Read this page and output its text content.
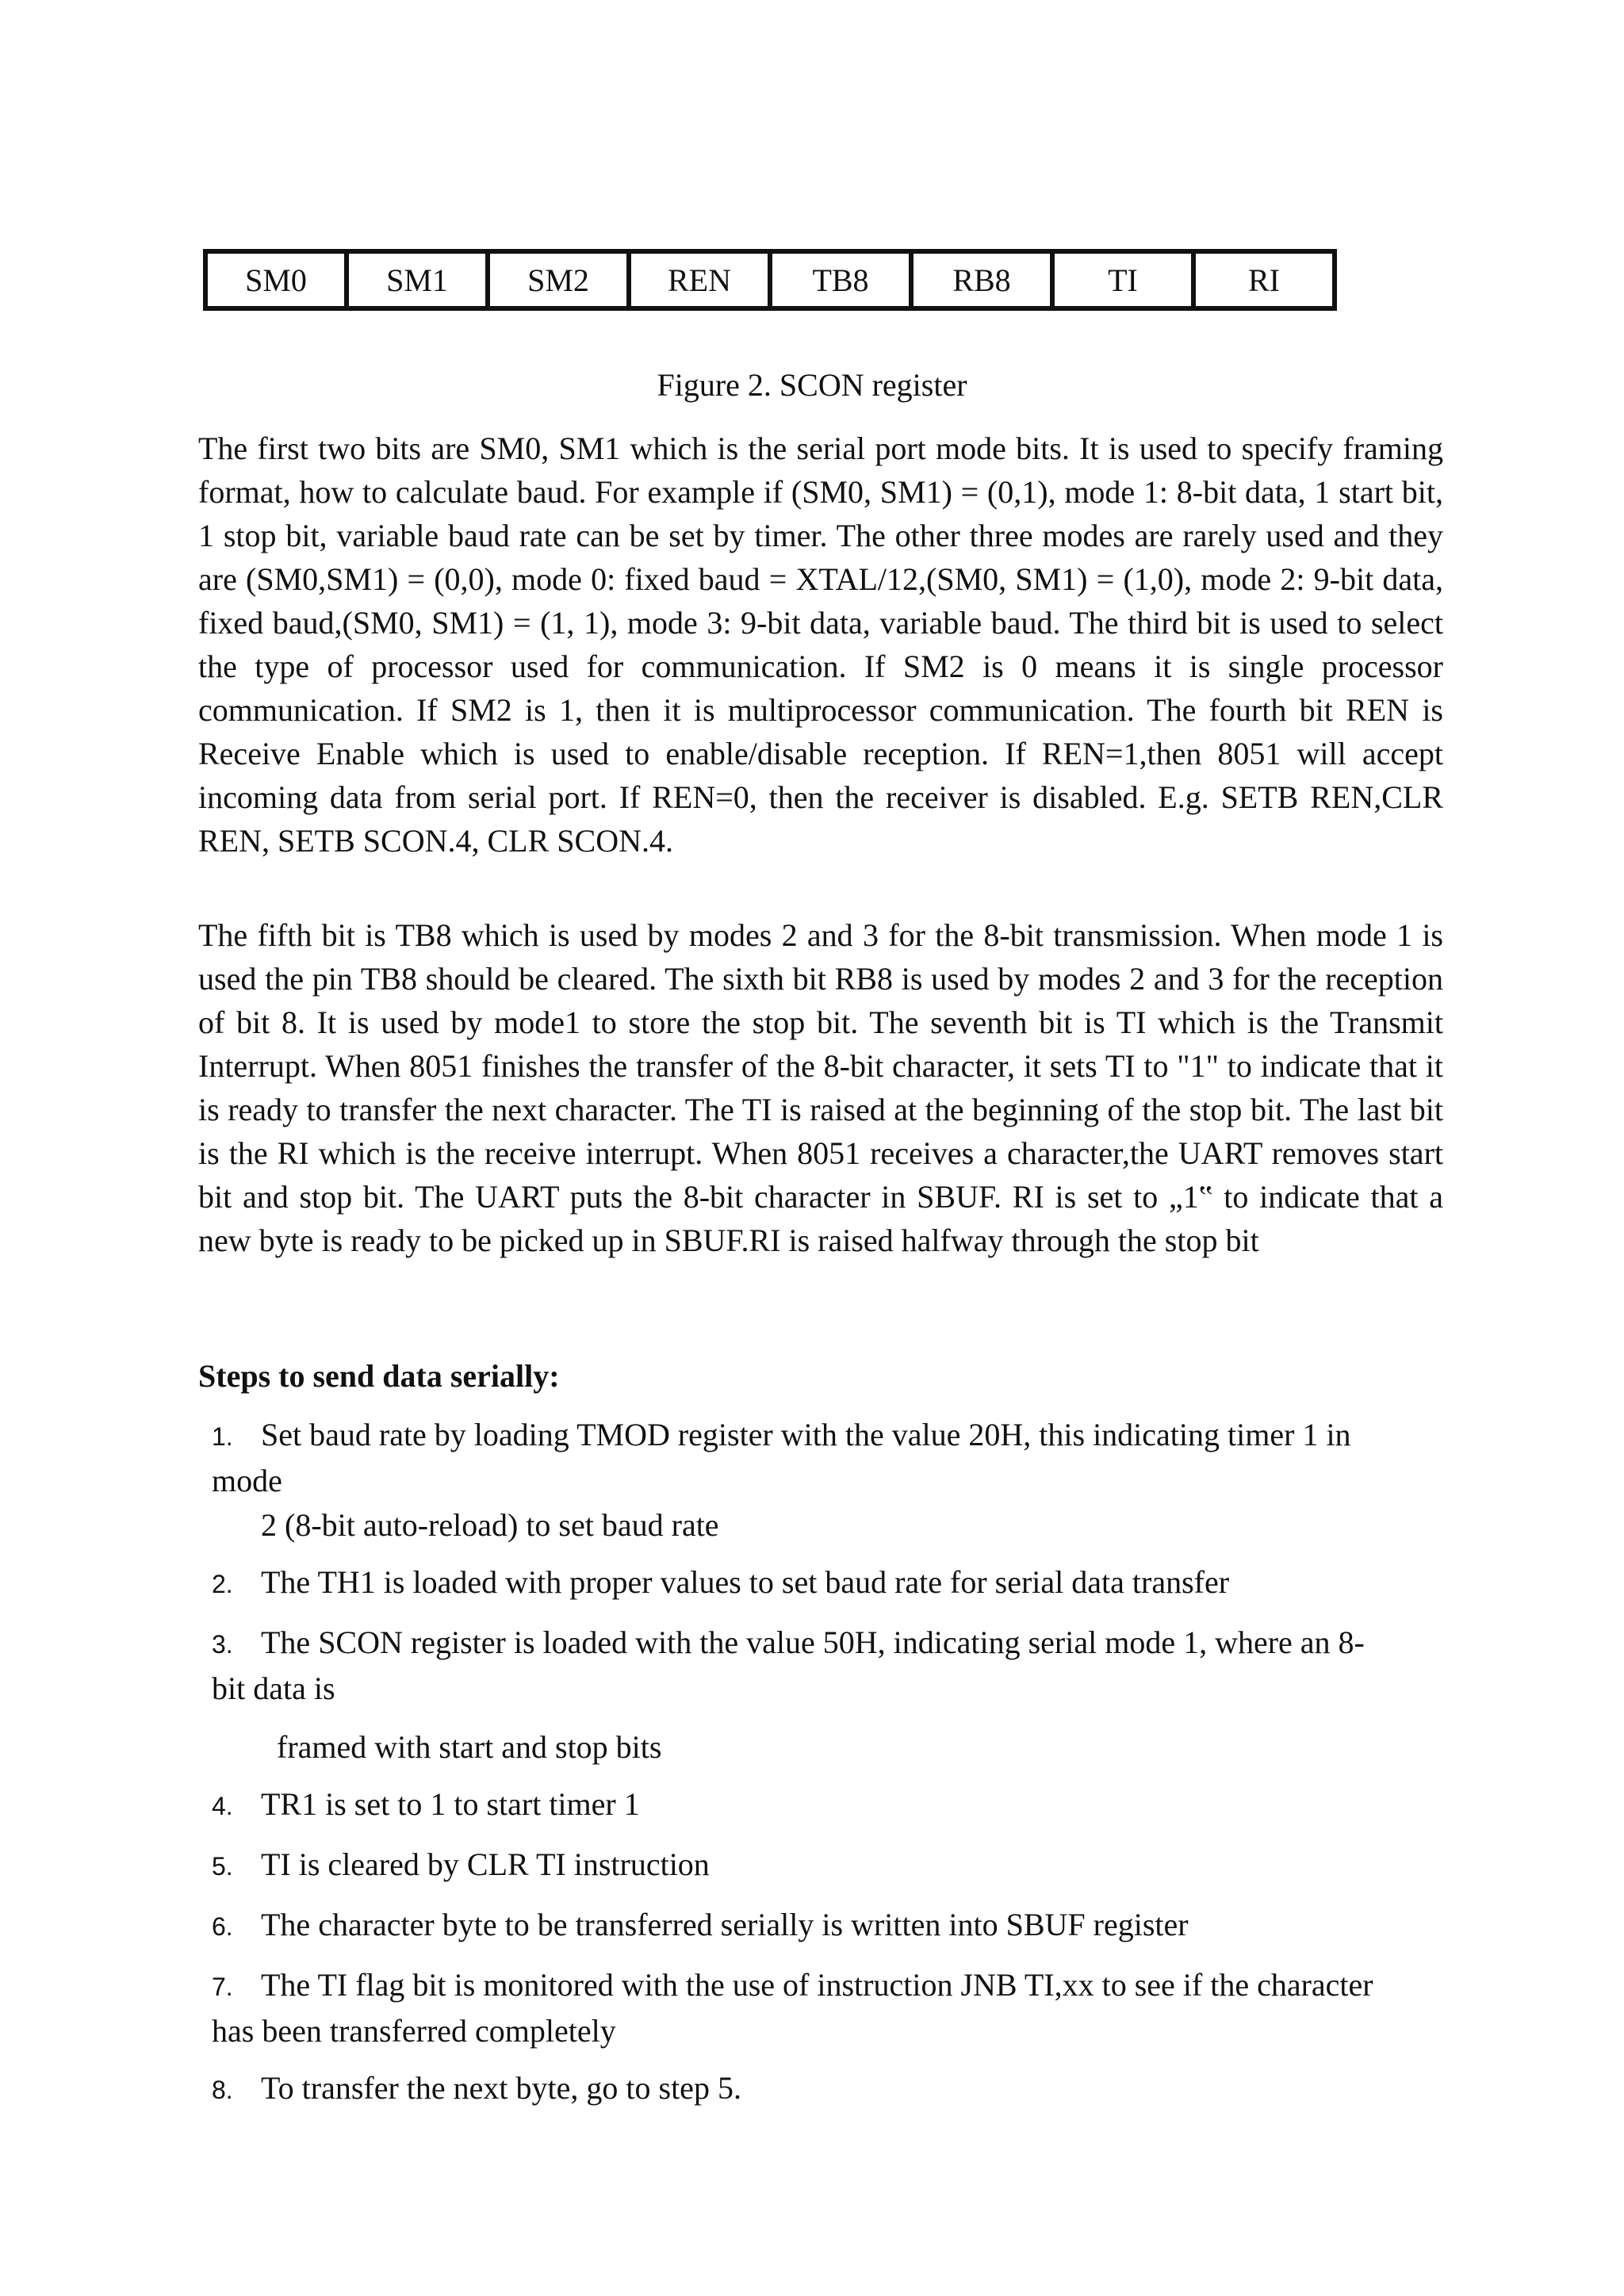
SM0	SM1	SM2	REN	TB8	RB8	TI	RI
Figure 2. SCON register

The first two bits are SM0, SM1 which is the serial port mode bits. It is used to specify framing format, how to calculate baud. For example if (SM0, SM1) = (0,1), mode 1: 8-bit data, 1 start bit, 1 stop bit, variable baud rate can be set by timer. The other three modes are rarely used and they are (SM0,SM1) = (0,0), mode 0: fixed baud = XTAL/12,(SM0, SM1) = (1,0), mode 2: 9-bit data, fixed baud,(SM0, SM1) = (1, 1), mode 3: 9-bit data, variable baud. The third bit is used to select the type of processor used for communication. If SM2 is 0 means it is single processor communication. If SM2 is 1, then it is multiprocessor communication. The fourth bit REN is Receive Enable which is used to enable/disable reception. If REN=1,then 8051 will accept incoming data from serial port. If REN=0, then the receiver is disabled. E.g. SETB REN,CLR REN, SETB SCON.4, CLR SCON.4.

The fifth bit is TB8 which is used by modes 2 and 3 for the 8-bit transmission. When mode 1 is used the pin TB8 should be cleared. The sixth bit RB8 is used by modes 2 and 3 for the reception of bit 8. It is used by mode1 to store the stop bit. The seventh bit is TI which is the Transmit Interrupt. When 8051 finishes the transfer of the 8-bit character, it sets TI to "1" to indicate that it is ready to transfer the next character. The TI is raised at the beginning of the stop bit. The last bit is the RI which is the receive interrupt. When 8051 receives a character,the UART removes start bit and stop bit. The UART puts the 8-bit character in SBUF. RI is set to „1‟ to indicate that a new byte is ready to be picked up in SBUF.RI is raised halfway through the stop bit

Steps to send data serially:

1. Set baud rate by loading TMOD register with the value 20H, this indicating timer 1 in
mode
2 (8-bit auto-reload) to set baud rate
2. The TH1 is loaded with proper values to set baud rate for serial data transfer
3. The SCON register is loaded with the value 50H, indicating serial mode 1, where an 8-
bit data is
framed with start and stop bits
4. TR1 is set to 1 to start timer 1
5. TI is cleared by CLR TI instruction
6. The character byte to be transferred serially is written into SBUF register
7. The TI flag bit is monitored with the use of instruction JNB TI,xx to see if the character
has been transferred completely
8. To transfer the next byte, go to step 5.
